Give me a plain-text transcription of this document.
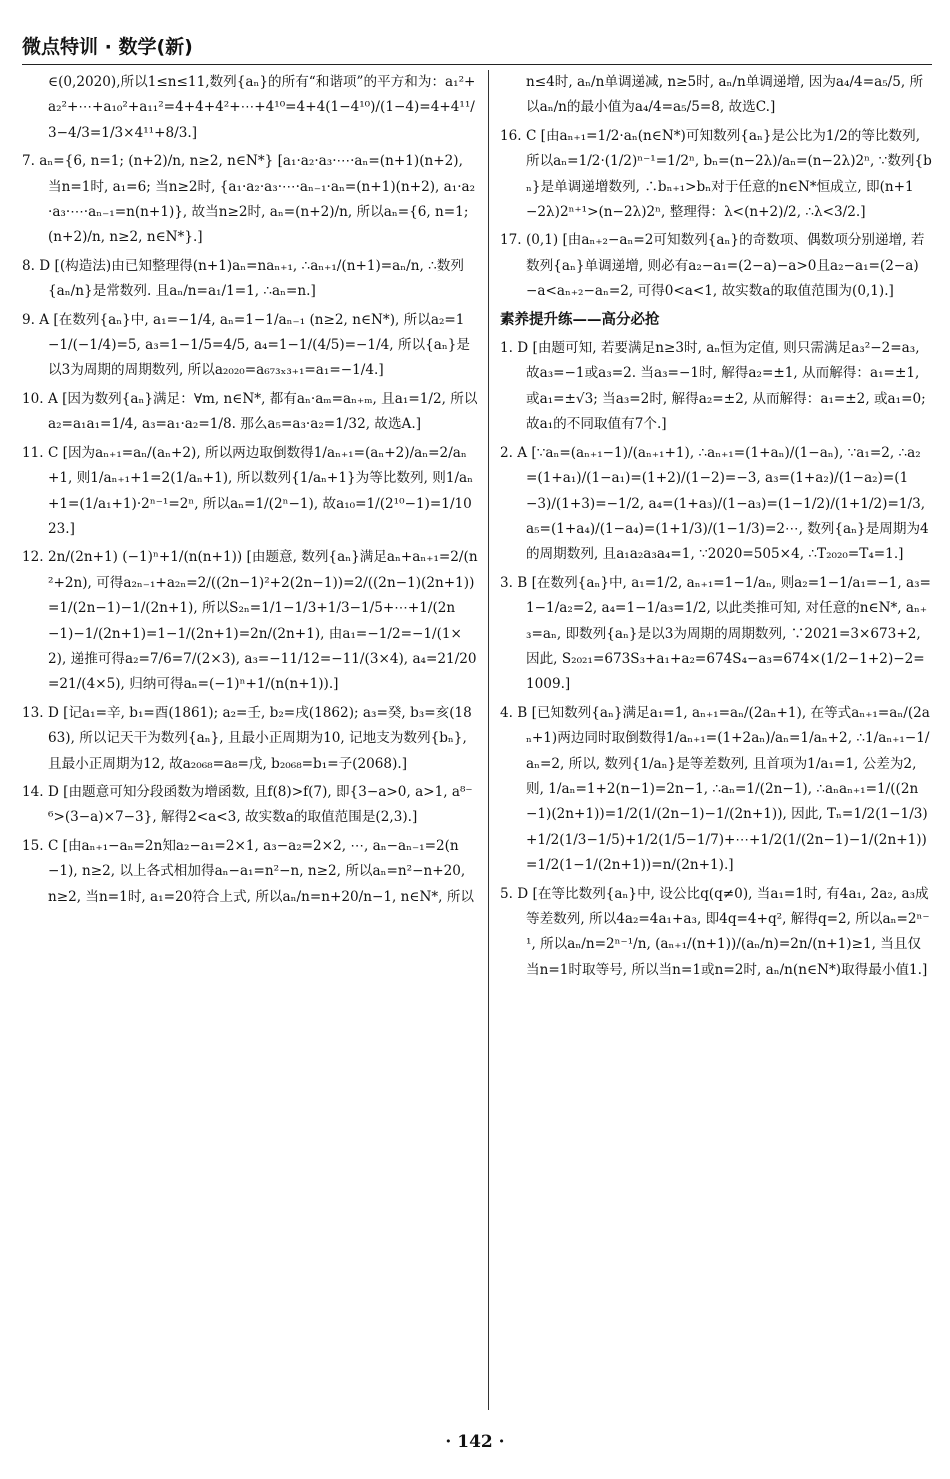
微点特训 · 数学(新)
∈(0,2020),所以1≤n≤11,数列{aₙ}的所有“和谐项”的平方和为：a₁²+a₂²+⋯+a₁₀²+a₁₁²=4+4+4²+⋯+4¹⁰=4+4(1−4¹⁰)/(1−4)=4+4¹¹/3−4/3=1/3×4¹¹+8/3.]
7. aₙ={6, n=1; (n+2)/n, n≥2, n∈N*} [a₁·a₂·a₃·⋯·aₙ=(n+1)(n+2), 当n=1时, a₁=6; 当n≥2时, {a₁·a₂·a₃·⋯·aₙ₋₁·aₙ=(n+1)(n+2), a₁·a₂·a₃·⋯·aₙ₋₁=n(n+1)}, 故当n≥2时, aₙ=(n+2)/n, 所以aₙ={6, n=1; (n+2)/n, n≥2, n∈N*}.]
8. D [(构造法)由已知整理得(n+1)aₙ=naₙ₊₁, ∴aₙ₊₁/(n+1)=aₙ/n, ∴数列{aₙ/n}是常数列. 且aₙ/n=a₁/1=1, ∴aₙ=n.]
9. A [在数列{aₙ}中, a₁=−1/4, aₙ=1−1/aₙ₋₁ (n≥2, n∈N*), 所以a₂=1−1/(−1/4)=5, a₃=1−1/5=4/5, a₄=1−1/(4/5)=−1/4, 所以{aₙ}是以3为周期的周期数列, 所以a₂₀₂₀=a₆₇₃ₓ₃₊₁=a₁=−1/4.]
10. A [因为数列{aₙ}满足：∀m, n∈N*, 都有aₙ·aₘ=aₙ₊ₘ, 且a₁=1/2, 所以a₂=a₁a₁=1/4, a₃=a₁·a₂=1/8. 那么a₅=a₃·a₂=1/32, 故选A.]
11. C [因为aₙ₊₁=aₙ/(aₙ+2), 所以两边取倒数得1/aₙ₊₁=(aₙ+2)/aₙ=2/aₙ+1, 则1/aₙ₊₁+1=2(1/aₙ+1), 所以数列{1/aₙ+1}为等比数列, 则1/aₙ+1=(1/a₁+1)·2ⁿ⁻¹=2ⁿ, 所以aₙ=1/(2ⁿ−1), 故a₁₀=1/(2¹⁰−1)=1/1023.]
12. 2n/(2n+1) (−1)ⁿ+1/(n(n+1)) [由题意, 数列{aₙ}满足aₙ+aₙ₊₁=2/(n²+2n), 可得a₂ₙ₋₁+a₂ₙ=2/((2n−1)²+2(2n−1))=2/((2n−1)(2n+1))=1/(2n−1)−1/(2n+1), 所以S₂ₙ=1/1−1/3+1/3−1/5+⋯+1/(2n−1)−1/(2n+1)=1−1/(2n+1)=2n/(2n+1), 由a₁=−1/2=−1/(1×2), 递推可得a₂=7/6=7/(2×3), a₃=−11/12=−11/(3×4), a₄=21/20=21/(4×5), 归纳可得aₙ=(−1)ⁿ+1/(n(n+1)).]
13. D [记a₁=辛, b₁=酉(1861); a₂=壬, b₂=戌(1862); a₃=癸, b₃=亥(1863), 所以记天干为数列{aₙ}, 且最小正周期为10, 记地支为数列{bₙ}, 且最小正周期为12, 故a₂₀₆₈=a₈=戊, b₂₀₆₈=b₁=子(2068).]
14. D [由题意可知分段函数为增函数, 且f(8)>f(7), 即{3−a>0, a>1, a⁸⁻⁶>(3−a)×7−3}, 解得2<a<3, 故实数a的取值范围是(2,3).]
15. C [由aₙ₊₁−aₙ=2n知a₂−a₁=2×1, a₃−a₂=2×2, ⋯, aₙ−aₙ₋₁=2(n−1), n≥2, 以上各式相加得aₙ−a₁=n²−n, n≥2, 所以aₙ=n²−n+20, n≥2, 当n=1时, a₁=20符合上式, 所以aₙ/n=n+20/n−1, n∈N*, 所以
n≤4时, aₙ/n单调递减, n≥5时, aₙ/n单调递增, 因为a₄/4=a₅/5, 所以aₙ/n的最小值为a₄/4=a₅/5=8, 故选C.]
16. C [由aₙ₊₁=1/2·aₙ(n∈N*)可知数列{aₙ}是公比为1/2的等比数列, 所以aₙ=1/2·(1/2)ⁿ⁻¹=1/2ⁿ, bₙ=(n−2λ)/aₙ=(n−2λ)2ⁿ, ∵数列{bₙ}是单调递增数列, ∴bₙ₊₁>bₙ对于任意的n∈N*恒成立, 即(n+1−2λ)2ⁿ⁺¹>(n−2λ)2ⁿ, 整理得：λ<(n+2)/2, ∴λ<3/2.]
17. (0,1) [由aₙ₊₂−aₙ=2可知数列{aₙ}的奇数项、偶数项分别递增, 若数列{aₙ}单调递增, 则必有a₂−a₁=(2−a)−a>0且a₂−a₁=(2−a)−a<aₙ₊₂−aₙ=2, 可得0<a<1, 故实数a的取值范围为(0,1).]
素养提升练——高分必抢
1. D [由题可知, 若要满足n≥3时, aₙ恒为定值, 则只需满足a₃²−2=a₃, 故a₃=−1或a₃=2. 当a₃=−1时, 解得a₂=±1, 从而解得：a₁=±1, 或a₁=±√3; 当a₃=2时, 解得a₂=±2, 从而解得：a₁=±2, 或a₁=0; 故a₁的不同取值有7个.]
2. A [∵aₙ=(aₙ₊₁−1)/(aₙ₊₁+1), ∴aₙ₊₁=(1+aₙ)/(1−aₙ), ∵a₁=2, ∴a₂=(1+a₁)/(1−a₁)=(1+2)/(1−2)=−3, a₃=(1+a₂)/(1−a₂)=(1−3)/(1+3)=−1/2, a₄=(1+a₃)/(1−a₃)=(1−1/2)/(1+1/2)=1/3, a₅=(1+a₄)/(1−a₄)=(1+1/3)/(1−1/3)=2⋯, 数列{aₙ}是周期为4的周期数列, 且a₁a₂a₃a₄=1, ∵2020=505×4, ∴T₂₀₂₀=T₄=1.]
3. B [在数列{aₙ}中, a₁=1/2, aₙ₊₁=1−1/aₙ, 则a₂=1−1/a₁=−1, a₃=1−1/a₂=2, a₄=1−1/a₃=1/2, 以此类推可知, 对任意的n∈N*, aₙ₊₃=aₙ, 即数列{aₙ}是以3为周期的周期数列, ∵2021=3×673+2, 因此, S₂₀₂₁=673S₃+a₁+a₂=674S₄−a₃=674×(1/2−1+2)−2=1009.]
4. B [已知数列{aₙ}满足a₁=1, aₙ₊₁=aₙ/(2aₙ+1), 在等式aₙ₊₁=aₙ/(2aₙ+1)两边同时取倒数得1/aₙ₊₁=(1+2aₙ)/aₙ=1/aₙ+2, ∴1/aₙ₊₁−1/aₙ=2, 所以, 数列{1/aₙ}是等差数列, 且首项为1/a₁=1, 公差为2, 则, 1/aₙ=1+2(n−1)=2n−1, ∴aₙ=1/(2n−1), ∴aₙaₙ₊₁=1/((2n−1)(2n+1))=1/2(1/(2n−1)−1/(2n+1)), 因此, Tₙ=1/2(1−1/3)+1/2(1/3−1/5)+1/2(1/5−1/7)+⋯+1/2(1/(2n−1)−1/(2n+1))=1/2(1−1/(2n+1))=n/(2n+1).]
5. D [在等比数列{aₙ}中, 设公比q(q≠0), 当a₁=1时, 有4a₁, 2a₂, a₃成等差数列, 所以4a₂=4a₁+a₃, 即4q=4+q², 解得q=2, 所以aₙ=2ⁿ⁻¹, 所以aₙ/n=2ⁿ⁻¹/n, (aₙ₊₁/(n+1))/(aₙ/n)=2n/(n+1)≥1, 当且仅当n=1时取等号, 所以当n=1或n=2时, aₙ/n(n∈N*)取得最小值1.]
· 142 ·
